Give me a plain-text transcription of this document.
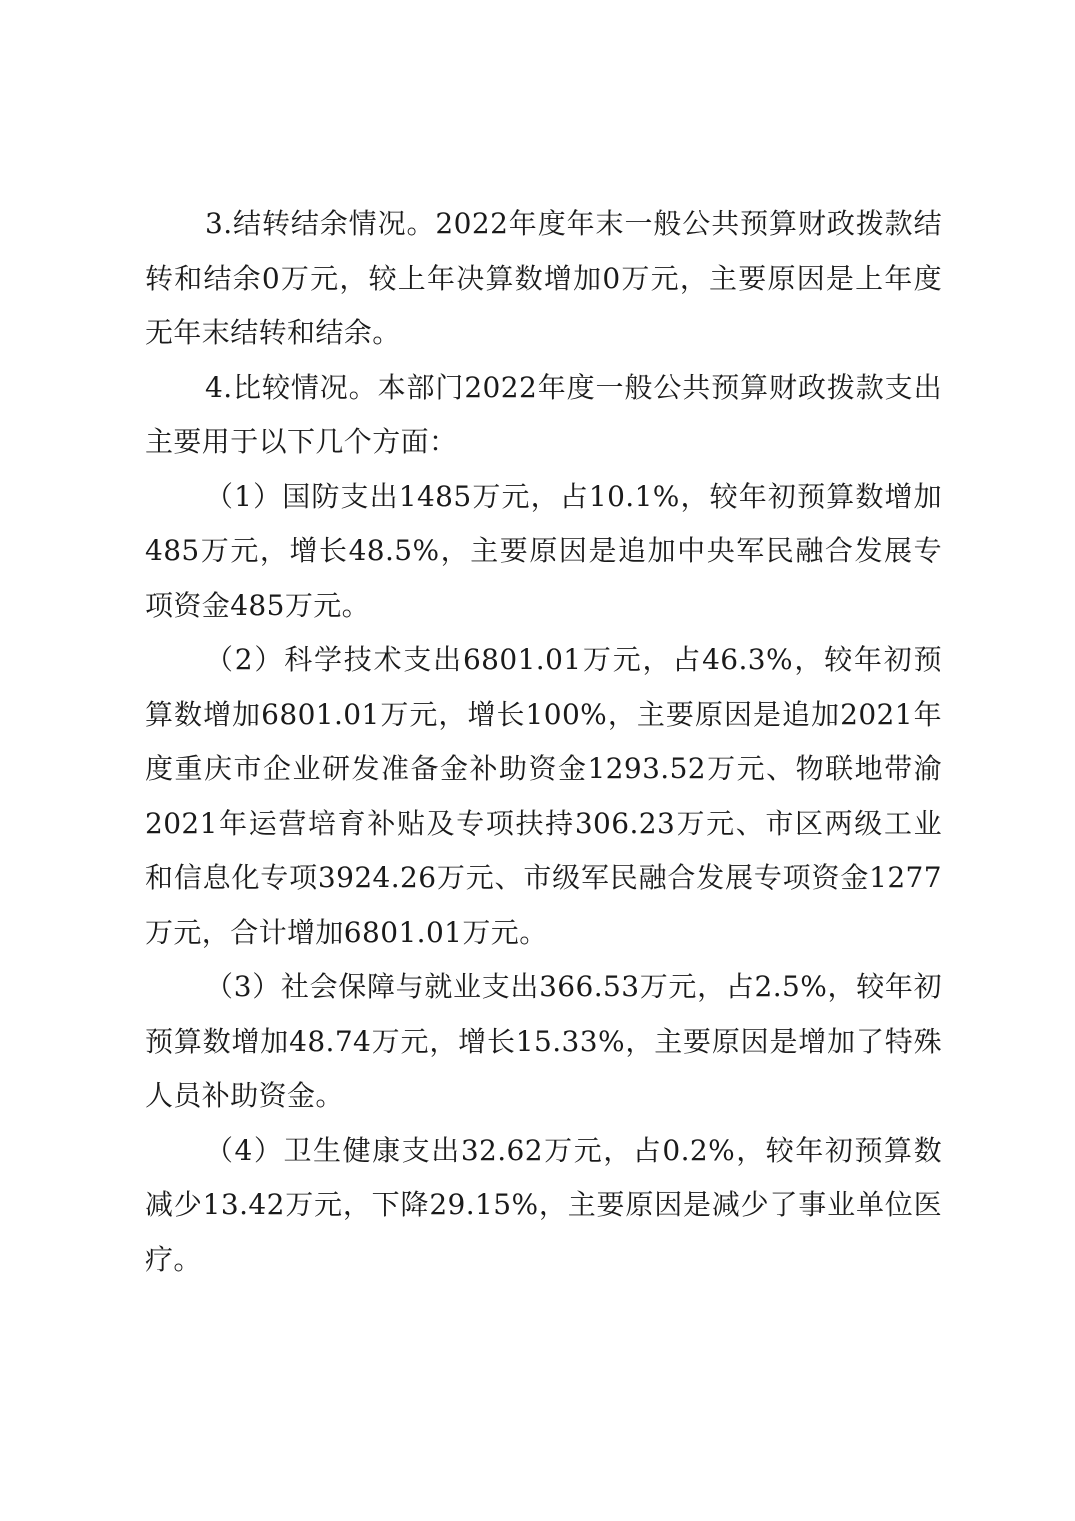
3.结转结余情况。2022年度年末一般公共预算财政拨款结转和结余0万元，较上年决算数增加0万元，主要原因是上年度无年末结转和结余。

4.比较情况。本部门2022年度一般公共预算财政拨款支出主要用于以下几个方面：

（1）国防支出1485万元，占10.1%，较年初预算数增加485万元，增长48.5%，主要原因是追加中央军民融合发展专项资金485万元。

（2）科学技术支出6801.01万元，占46.3%，较年初预算数增加6801.01万元，增长100%，主要原因是追加2021年度重庆市企业研发准备金补助资金1293.52万元、物联地带渝2021年运营培育补贴及专项扶持306.23万元、市区两级工业和信息化专项3924.26万元、市级军民融合发展专项资金1277万元，合计增加6801.01万元。

（3）社会保障与就业支出366.53万元，占2.5%，较年初预算数增加48.74万元，增长15.33%，主要原因是增加了特殊人员补助资金。

（4）卫生健康支出32.62万元，占0.2%，较年初预算数减少13.42万元，下降29.15%，主要原因是减少了事业单位医疗。
